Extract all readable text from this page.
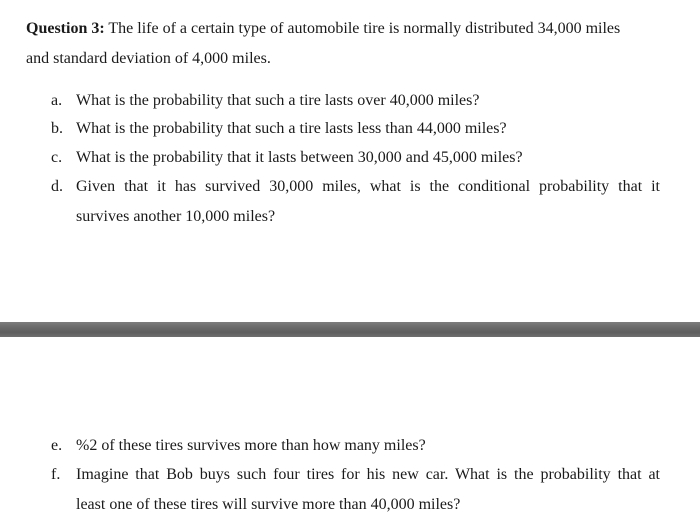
Question 3: The life of a certain type of automobile tire is normally distributed 34,000 miles
and standard deviation of 4,000 miles.
a. What is the probability that such a tire lasts over 40,000 miles?
b. What is the probability that such a tire lasts less than 44,000 miles?
c. What is the probability that it lasts between 30,000 and 45,000 miles?
d. Given that it has survived 30,000 miles, what is the conditional probability that it
survives another 10,000 miles?
e. %2 of these tires survives more than how many miles?
f. Imagine that Bob buys such four tires for his new car. What is the probability that at
least one of these tires will survive more than 40,000 miles?
